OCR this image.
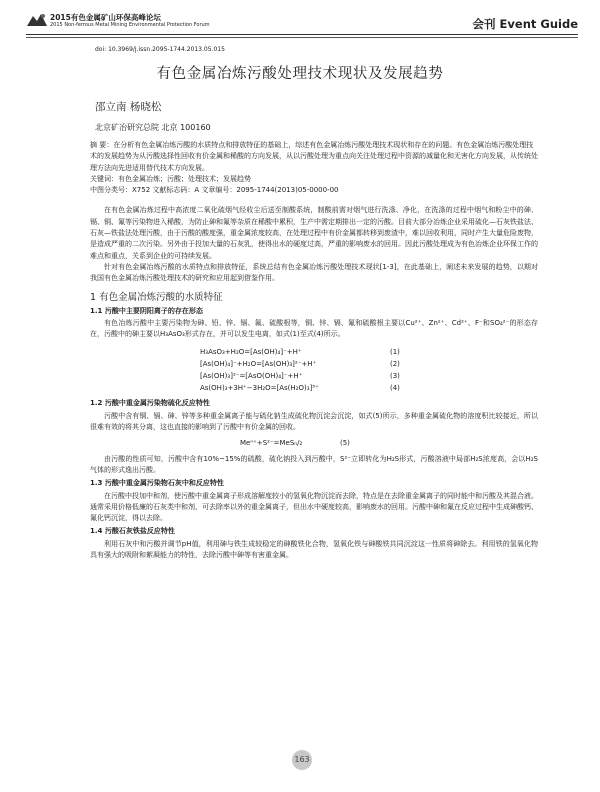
2015有色金属矿山环保高峰论坛
2015 Non-ferrous Metal Mining Environmental Protection Forum	会刊 Event Guide
doi: 10.3969/j.issn.2095-1744.2013.05.015
有色金属冶炼污酸处理技术现状及发展趋势
邵立南 杨晓松
北京矿冶研究总院 北京 100160
摘 要：在分析有色金属冶炼污酸的水质特点和排放特征的基础上，综述有色金属冶炼污酸处理技术现状和存在的问题。有色金属冶炼污酸处理技术的发展趋势为从污酸选择性回收有价金属和稀酸的方向发展，从以污酸处理为重点向关注处理过程中资源的减量化和无害化方向发展，从传统处理方法向先进适用替代技术方向发展。
关键词：有色金属冶炼；污酸；处理技术；发展趋势
中图分类号：X752 文献标志码：A 文章编号：2095-1744(2013)05-0000-00

在有色金属冶炼过程中高浓度二氧化硫烟气经收尘后送至制酸系统，制酸前需对烟气进行洗涤、净化，在洗涤的过程中烟气和粉尘中的砷、镉、铜、氟等污染物进入稀酸，为防止砷和氟等杂质在稀酸中累积，生产中需定期排出一定的污酸。目前大部分冶炼企业采用硫化—石灰铁盐法、石灰—铁盐法处理污酸，由于污酸的酸度强，重金属浓度较高，在处理过程中有价金属都转移到废渣中，难以回收利用，同时产生大量危险废物，是造成严重的二次污染。另外由于投加大量的石灰乳，使得出水的硬度过高，严重的影响废水的回用。因此污酸处理成为有色冶炼企业环保工作的难点和重点，关系到企业的可持续发展。

针对有色金属冶炼污酸的水质特点和排放特征，系统总结有色金属冶炼污酸处理技术现状[1-3]，在此基础上，阐述未来发展的趋势，以期对我国有色金属冶炼污酸处理技术的研究和应用起到借鉴作用。

1 有色金属冶炼污酸的水质特征
1.1 污酸中主要阴阳离子的存在形态

有色冶炼污酸中主要污染物为砷、铅、锌、镉、氟、硫酸根等，铜、锌、镉、氟和硫酸根主要以Cu²⁺、Zn²⁺、Cd²⁺、F⁻和SO₄²⁻的形态存在，污酸中的砷主要以H₃AsO₃形式存在，并可以发生电离，如式(1)至式(4)所示。

H₃AsO₃+H₂O=[As(OH)₄]⁻+H⁺	(1)
[As(OH)₄]⁻+H₂O=[As(OH)₃]²⁻+H⁺	(2)
[As(OH)₃]²⁻=[AsO(OH)₄]⁻+H⁺	(3)
As(OH)₃+3H⁺−3H₂O=[As(H₂O)₃]³⁺	(4)
1.2 污酸中重金属污染物硫化反应特性

污酸中含有铜、镉、砷、锌等多种重金属离子能与硫化钠生成硫化物沉淀会沉淀，如式(5)所示，多种重金属硫化物的溶度积比较接近，所以很难有效的将其分离，这也直接的影响到了污酸中有价金属的回收。

Meⁿ⁺+S²⁻=MeSₙ/₂	(5)

由污酸的性质可知，污酸中含有10%~15%的硫酸，硫化钠投入到污酸中，S²⁻立即转化为H₂S形式，污酸溶液中局部H₂S浓度高，会以H₂S气体的形式逸出污酸。

1.3 污酸中重金属污染物石灰中和反应特性

在污酸中投加中和剂，使污酸中重金属离子形成溶解度较小的氢氧化物沉淀而去除，特点是在去除重金属离子的同时能中和污酸及其混合液。通常采用价格低廉的石灰类中和剂，可去除率以外的重金属离子，但出水中硬度较高，影响废水的回用。污酸中砷和氟在反应过程中生成砷酸钙、氟化钙沉淀，得以去除。

1.4 污酸石灰铁盐反应特性

利用石灰中和污酸并调节pH值，利用砷与铁生成较稳定的砷酸铁化合物，氢氧化铁与砷酸铁共同沉淀这一性质将砷除去。利用铁的氢氧化物具有强大的吸附和絮凝能力的特性，去除污酸中砷等有害重金属。

163
